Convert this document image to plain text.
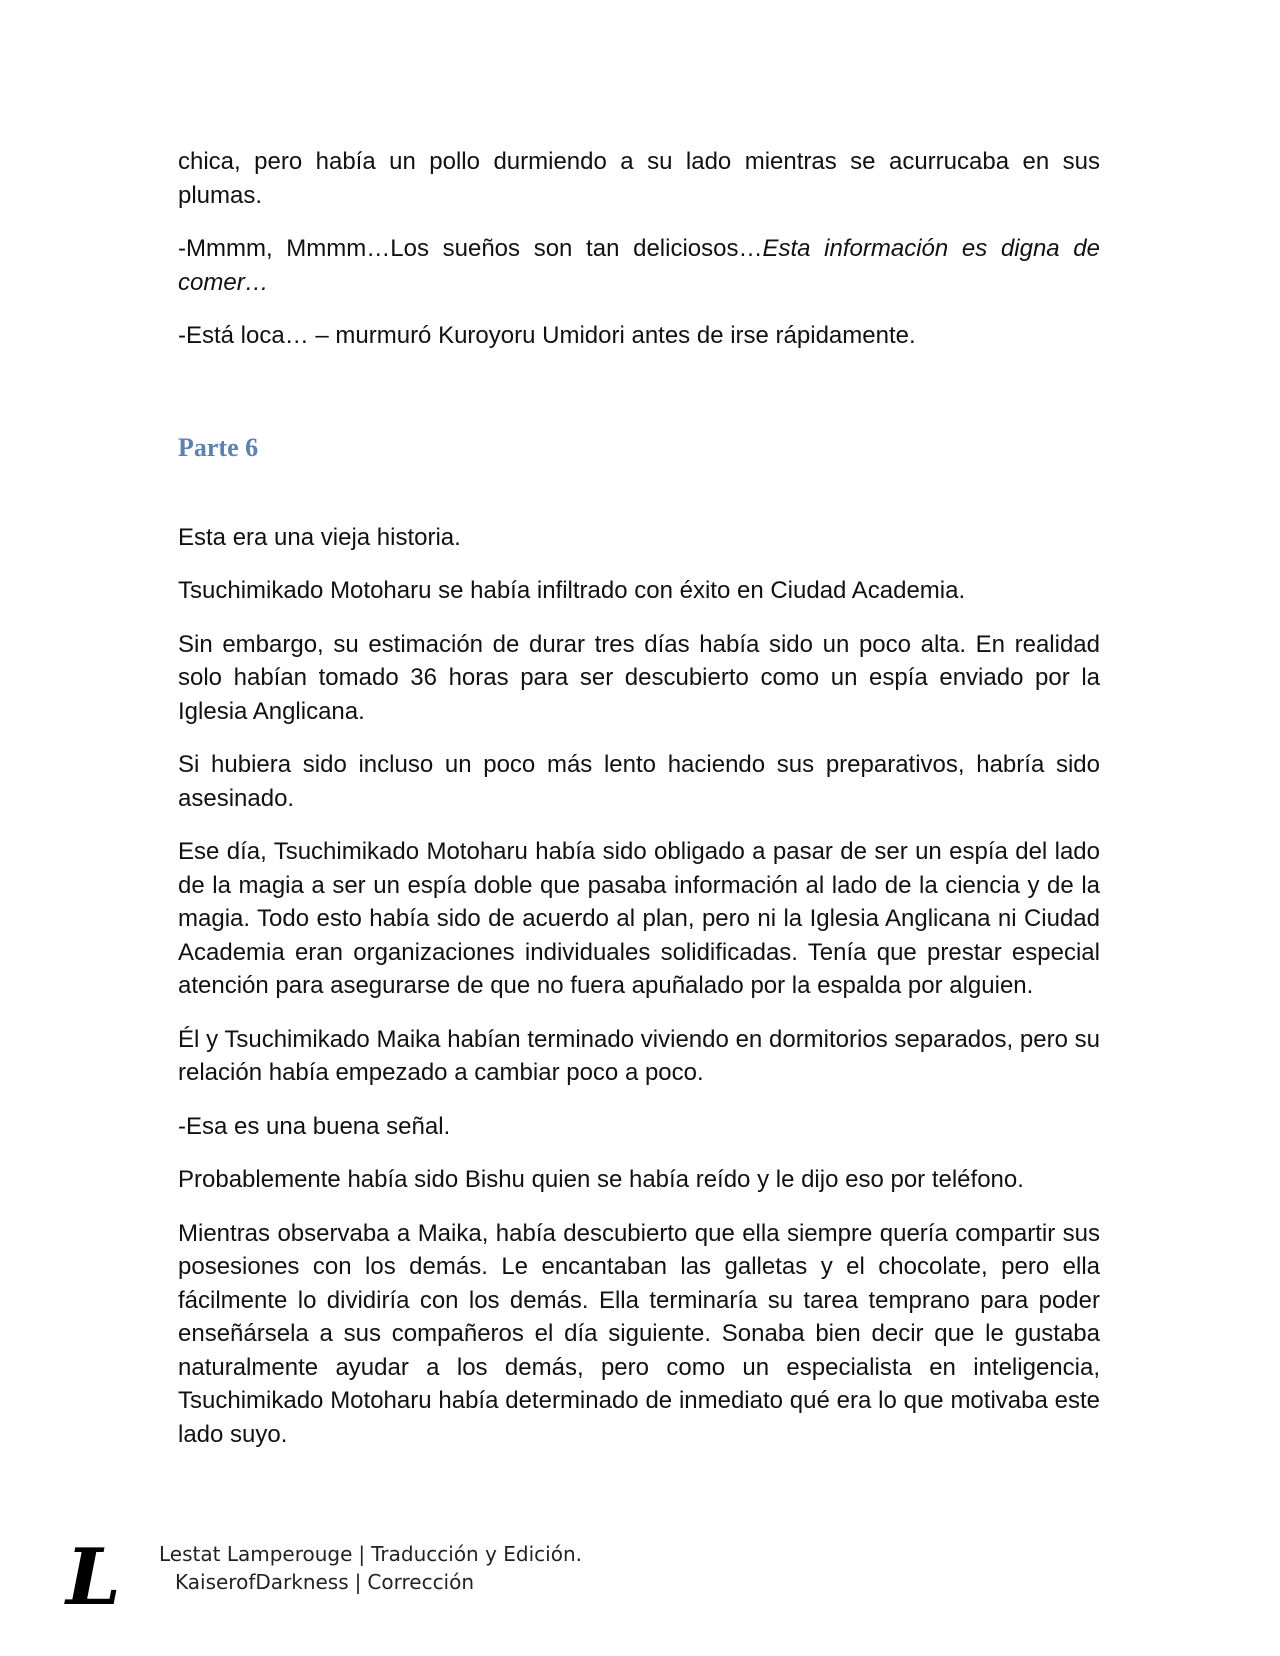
chica, pero había un pollo durmiendo a su lado mientras se acurrucaba en sus plumas.

-Mmmm, Mmmm…Los sueños son tan deliciosos…Esta información es digna de comer…

-Está loca… – murmuró Kuroyoru Umidori antes de irse rápidamente.

Parte 6

Esta era una vieja historia.

Tsuchimikado Motoharu se había infiltrado con éxito en Ciudad Academia.

Sin embargo, su estimación de durar tres días había sido un poco alta. En realidad solo habían tomado 36 horas para ser descubierto como un espía enviado por la Iglesia Anglicana.

Si hubiera sido incluso un poco más lento haciendo sus preparativos, habría sido asesinado.

Ese día, Tsuchimikado Motoharu había sido obligado a pasar de ser un espía del lado de la magia a ser un espía doble que pasaba información al lado de la ciencia y de la magia. Todo esto había sido de acuerdo al plan, pero ni la Iglesia Anglicana ni Ciudad Academia eran organizaciones individuales solidificadas. Tenía que prestar especial atención para asegurarse de que no fuera apuñalado por la espalda por alguien.

Él y Tsuchimikado Maika habían terminado viviendo en dormitorios separados, pero su relación había empezado a cambiar poco a poco.

-Esa es una buena señal.

Probablemente había sido Bishu quien se había reído y le dijo eso por teléfono.

Mientras observaba a Maika, había descubierto que ella siempre quería compartir sus posesiones con los demás. Le encantaban las galletas y el chocolate, pero ella fácilmente lo dividiría con los demás. Ella terminaría su tarea temprano para poder enseñársela a sus compañeros el día siguiente. Sonaba bien decir que le gustaba naturalmente ayudar a los demás, pero como un especialista en inteligencia, Tsuchimikado Motoharu había determinado de inmediato qué era lo que motivaba este lado suyo.

L Lestat Lamperouge | Traducción y Edición.
KaiserofDarkness | Corrección
